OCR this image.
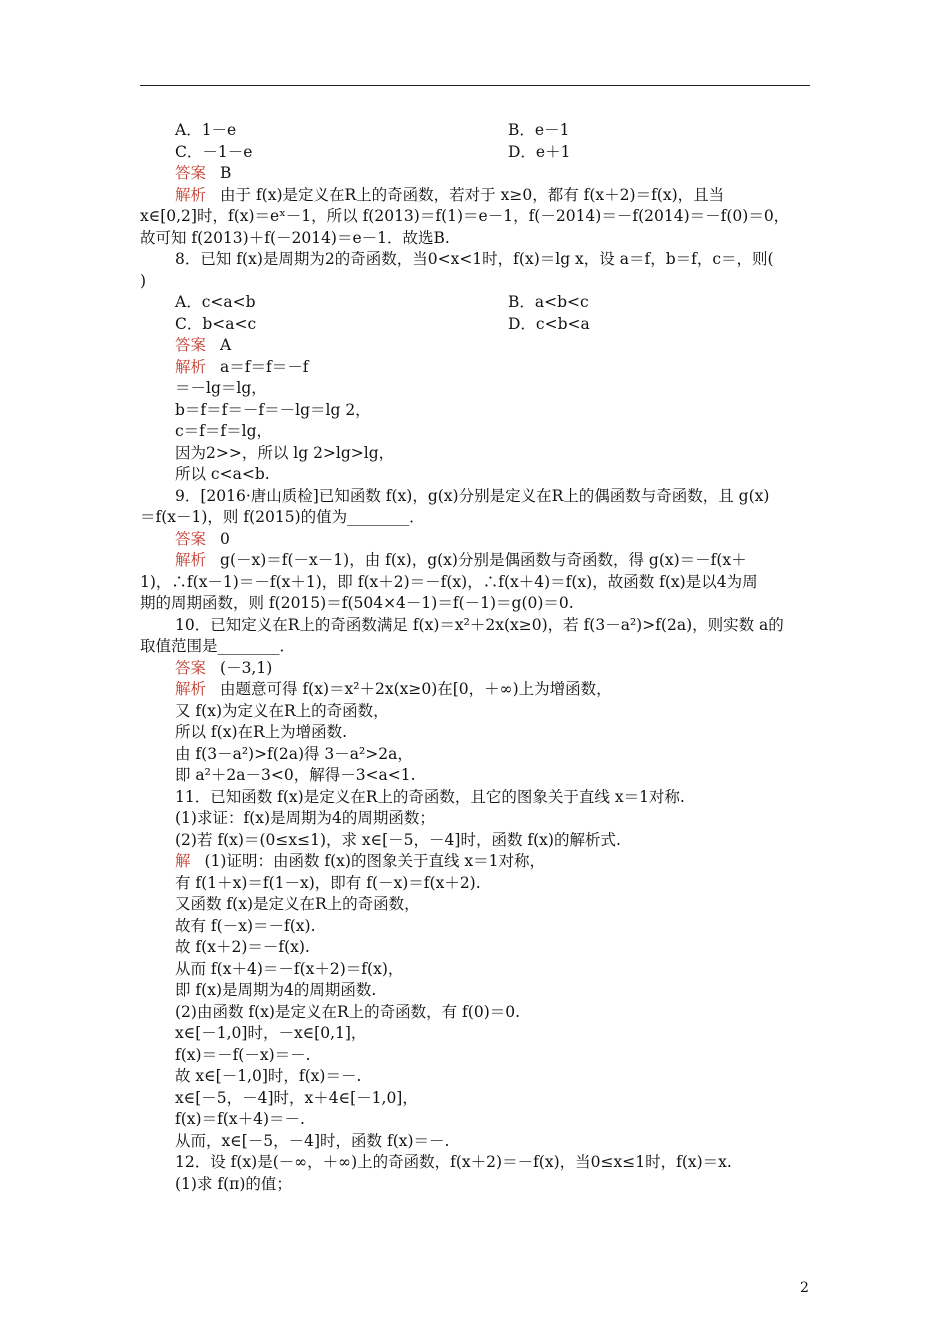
A．1－e	B．e－1
C．－1－e	D．e＋1
答案 B
解析 由于 f(x)是定义在R上的奇函数，若对于 x≥0，都有 f(x＋2)＝f(x)，且当
x∈[0,2]时，f(x)＝eˣ－1，所以 f(2013)＝f(1)＝e－1，f(－2014)＝－f(2014)＝－f(0)＝0，
故可知 f(2013)＋f(－2014)＝e－1．故选B.
8．已知 f(x)是周期为2的奇函数，当0<x<1时，f(x)＝lg x，设 a＝f，b＝f，c＝，则(
)
A．c<a<b	B．a<b<c
C．b<a<c	D．c<b<a
答案 A
解析 a＝f＝f＝－f
＝－lg＝lg，
b＝f＝f＝－f＝－lg＝lg 2，
c＝f＝f＝lg，
因为2>>，所以 lg 2>lg>lg，
所以 c<a<b.
9．[2016·唐山质检]已知函数 f(x)，g(x)分别是定义在R上的偶函数与奇函数，且 g(x)
＝f(x－1)，则 f(2015)的值为________．
答案 0
解析 g(－x)＝f(－x－1)，由 f(x)，g(x)分别是偶函数与奇函数，得 g(x)＝－f(x＋
1)，∴f(x－1)＝－f(x＋1)，即 f(x＋2)＝－f(x)，∴f(x＋4)＝f(x)，故函数 f(x)是以4为周
期的周期函数，则 f(2015)＝f(504×4－1)＝f(－1)＝g(0)＝0.
10．已知定义在R上的奇函数满足 f(x)＝x²＋2x(x≥0)，若 f(3－a²)>f(2a)，则实数 a的
取值范围是________．
答案 (－3,1)
解析 由题意可得 f(x)＝x²＋2x(x≥0)在[0，＋∞)上为增函数，
又 f(x)为定义在R上的奇函数，
所以 f(x)在R上为增函数.
由 f(3－a²)>f(2a)得 3－a²>2a，
即 a²＋2a－3<0，解得－3<a<1.
11．已知函数 f(x)是定义在R上的奇函数，且它的图象关于直线 x＝1对称.
(1)求证：f(x)是周期为4的周期函数；
(2)若 f(x)＝(0≤x≤1)，求 x∈[－5，－4]时，函数 f(x)的解析式.
解 (1)证明：由函数 f(x)的图象关于直线 x＝1对称，
有 f(1＋x)＝f(1－x)，即有 f(－x)＝f(x＋2).
又函数 f(x)是定义在R上的奇函数，
故有 f(－x)＝－f(x).
故 f(x＋2)＝－f(x).
从而 f(x＋4)＝－f(x＋2)＝f(x)，
即 f(x)是周期为4的周期函数.
(2)由函数 f(x)是定义在R上的奇函数，有 f(0)＝0.
x∈[－1,0]时，－x∈[0,1]，
f(x)＝－f(－x)＝－.
故 x∈[－1,0]时，f(x)＝－.
x∈[－5，－4]时，x＋4∈[－1,0]，
f(x)＝f(x＋4)＝－.
从而，x∈[－5，－4]时，函数 f(x)＝－.
12．设 f(x)是(－∞，＋∞)上的奇函数，f(x＋2)＝－f(x)，当0≤x≤1时，f(x)＝x.
(1)求 f(π)的值；
2
